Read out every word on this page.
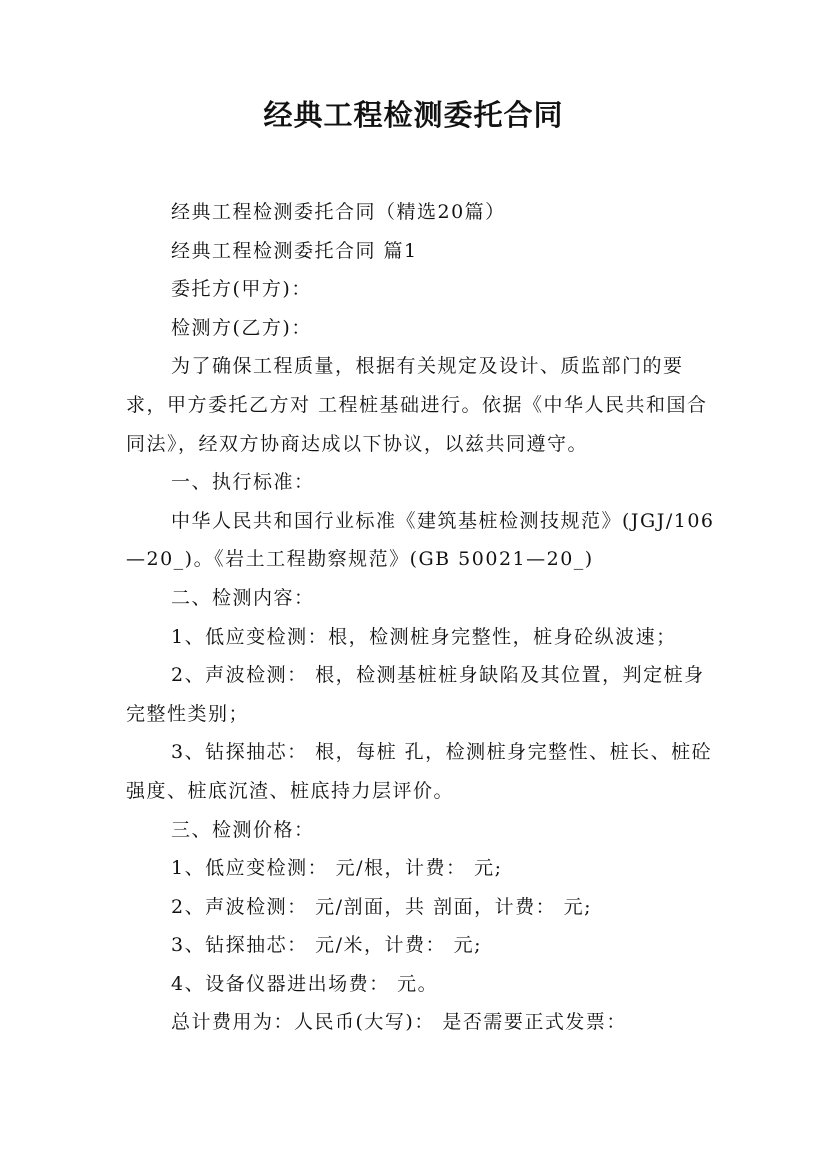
经典工程检测委托合同

经典工程检测委托合同（精选20篇）

经典工程检测委托合同 篇1

委托方(甲方)：

检测方(乙方)：

为了确保工程质量，根据有关规定及设计、质监部门的要求，甲方委托乙方对 工程桩基础进行。依据《中华人民共和国合同法》，经双方协商达成以下协议，以兹共同遵守。

一、执行标准：

中华人民共和国行业标准《建筑基桩检测技规范》(JGJ/106—20_)。《岩土工程勘察规范》(GB 50021—20_)

二、检测内容：

1、低应变检测：根，检测桩身完整性，桩身砼纵波速；

2、声波检测： 根，检测基桩桩身缺陷及其位置，判定桩身完整性类别；

3、钻探抽芯： 根，每桩 孔，检测桩身完整性、桩长、桩砼强度、桩底沉渣、桩底持力层评价。

三、检测价格：

1、低应变检测： 元/根，计费： 元;

2、声波检测： 元/剖面，共 剖面，计费： 元;

3、钻探抽芯： 元/米，计费： 元;

4、设备仪器进出场费： 元。

总计费用为：人民币(大写)： 是否需要正式发票：
